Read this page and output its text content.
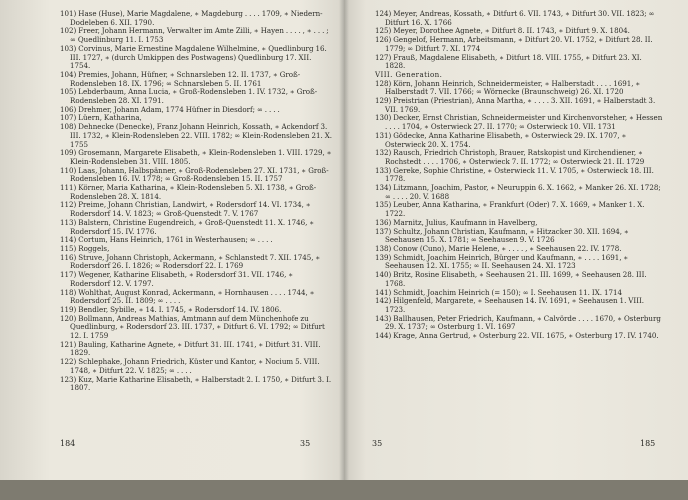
101) Hase (Huse), Marie Magdalene, ∗ Magdeburg . . . . 1709, ∗ Niedern-Dodeleben 6. XII. 1790.
102) Freer, Johann Hermann, Verwalter im Amte Zilli, ∗ Hayen . . . . , ∗ . . . ; ∞ Quedlinburg 11. I. 1753
103) Corvinus, Marie Ernestine Magdalene Wilhelmine, ∗ Quedlinburg 16. III. 1727, ∗ (durch Umkippen des Postwagens) Quedlinburg 17. XII. 1754.
104) Premies, Johann, Hüfner, ∗ Schnarsleben 12. II. 1737, ∗ Groß-Rodensleben 18. IX. 1796; ∞ Schnarsleben 5. II. 1761
105) Lebderbaum, Anna Lucia, ∗ Groß-Rodensleben 1. IV. 1732, ∗ Groß-Rodensleben 28. XI. 1791.
106) Drehmer, Johann Adam, 1774 Hüfner in Diesdorf; ∞ . . . .
107) Lüern, Katharina,
108) Dehnecke (Denecke), Franz Johann Heinrich, Kossath, ∗ Ackendorf 3. III. 1732, ∗ Klein-Rodensleben 22. VIII. 1782; ∞ Klein-Rodensleben 21. X. 1755
109) Grosemann, Margarete Elisabeth, ∗ Klein-Rodensleben 1. VIII. 1729, ∗ Klein-Rodensleben 31. VIII. 1805.
110) Laas, Johann, Halbspänner, ∗ Groß-Rodensleben 27. XI. 1731, ∗ Groß-Rodensleben 16. IV. 1778; ∞ Groß-Rodensleben 15. II. 1757
111) Körner, Maria Katharina, ∗ Klein-Rodensleben 5. XI. 1738, ∗ Groß-Rodensleben 28. X. 1814.
112) Preime, Johann Christian, Landwirt, ∗ Rodersdorf 14. VI. 1734, ∗ Rodersdorf 14. V. 1823; ∞ Groß-Quenstedt 7. V. 1767
113) Balstern, Christine Eugendreich, ∗ Groß-Quenstedt 11. X. 1746, ∗ Rodersdorf 15. IV. 1776.
114) Cortum, Hans Heinrich, 1761 in Westerhausen; ∞ . . . .
115) Roggels,
116) Struve, Johann Christoph, Ackermann, ∗ Schlanstedt 7. XII. 1745, ∗ Rodersdorf 26. I. 1826; ∞ Rodersdorf 22. I. 1769
117) Wegener, Katharine Elisabeth, ∗ Rodersdorf 31. VII. 1746, ∗ Rodersdorf 12. V. 1797.
118) Wohlthat, August Konrad, Ackermann, ∗ Hornhausen . . . . 1744, ∗ Rodersdorf 25. II. 1809; ∞ . . . .
119) Bendler, Sybille, ∗ 14. I. 1745, ∗ Rodersdorf 14. IV. 1806.
120) Bollmann, Andreas Mathias, Amtmann auf dem Münchenhofe zu Quedlinburg, ∗ Rodersdorf 23. III. 1737, ∗ Ditfurt 6. VI. 1792; ∞ Ditfurt 12. I. 1759
121) Bauling, Katharine Agnete, ∗ Ditfurt 31. III. 1741, ∗ Ditfurt 31. VIII. 1829.
122) Schlephake, Johann Friedrich, Küster und Kantor, ∗ Nocium 5. VIII. 1748, ∗ Ditfurt 22. V. 1825; ∞ . . . .
123) Kuz, Marie Katharine Elisabeth, ∗ Halberstadt 2. I. 1750, ∗ Ditfurt 3. I. 1807.
184	35
124) Meyer, Andreas, Kossath, ∗ Ditfurt 6. VII. 1743, ∗ Ditfurt 30. VII. 1823; ∞ Ditfurt 16. X. 1766
125) Meyer, Dorothee Agnete, ∗ Ditfurt 8. II. 1743, ∗ Ditfurt 9. X. 1804.
126) Gengelof, Hermann, Arbeitsmann, ∗ Ditfurt 20. VI. 1752, ∗ Ditfurt 28. II. 1779; ∞ Ditfurt 7. XI. 1774
127) Frauß, Magdalene Elisabeth, ∗ Ditfurt 18. VIII. 1755, ∗ Ditfurt 23. XI. 1828.
VIII. Generation.
128) Körn, Johann Heinrich, Schneidermeister, ∗ Halberstadt . . . . 1691, ∗ Halberstadt 7. VII. 1766; ∞ Wörnecke (Braunschweig) 26. XI. 1720
129) Preistrian (Priestrian), Anna Martha, ∗ . . . . 3. XII. 1691, ∗ Halberstadt 3. VII. 1769.
130) Decker, Ernst Christian, Schneidermeister und Kirchenvorsteher, ∗ Hessen . . . . 1704, ∗ Osterwieck 27. II. 1770; ∞ Osterwieck 10. VII. 1731
131) Gödecke, Anna Katharine Elisabeth, ∗ Osterwieck 29. IX. 1707, ∗ Osterwieck 20. X. 1754.
132) Rausch, Friedrich Christoph, Brauer, Ratskopist und Kirchendiener, ∗ Rochstedt . . . . 1706, ∗ Osterwieck 7. II. 1772; ∞ Osterwieck 21. II. 1729
133) Gereke, Sophie Christine, ∗ Osterwieck 11. V. 1705, ∗ Osterwieck 18. III. 1778.
134) Litzmann, Joachim, Pastor, ∗ Neuruppin 6. X. 1662, ∗ Manker 26. XI. 1728; ∞ . . . . 20. V. 1688
135) Leuber, Anna Katharina, ∗ Frankfurt (Oder) 7. X. 1669, ∗ Manker 1. X. 1722.
136) Marnitz, Julius, Kaufmann in Havelberg,
137) Schultz, Johann Christian, Kaufmann, ∗ Hitzacker 30. XII. 1694, ∗ Seehausen 15. X. 1781; ∞ Seehausen 9. V. 1726
138) Conow (Cuno), Marie Helene, ∗ . . . . , ∗ Seehausen 22. IV. 1778.
139) Schmidt, Joachim Heinrich, Bürger und Kaufmann, ∗ . . . . 1691, ∗ Seehausen 12. XI. 1755; ∞ II. Seehausen 24. XI. 1723
140) Britz, Rosine Elisabeth, ∗ Seehausen 21. III. 1699, ∗ Seehausen 28. III. 1768.
141) Schmidt, Joachim Heinrich (= 150); ∞ I. Seehausen 11. IX. 1714
142) Hilgenfeld, Margarete, ∗ Seehausen 14. IV. 1691, ∗ Seehausen 1. VIII. 1723.
143) Ballhausen, Peter Friedrich, Kaufmann, ∗ Calvörde . . . . 1670, ∗ Osterburg 29. X. 1737; ∞ Osterburg 1. VI. 1697
144) Krage, Anna Gertrud, ∗ Osterburg 22. VII. 1675, ∗ Osterburg 17. IV. 1740.
35	185
